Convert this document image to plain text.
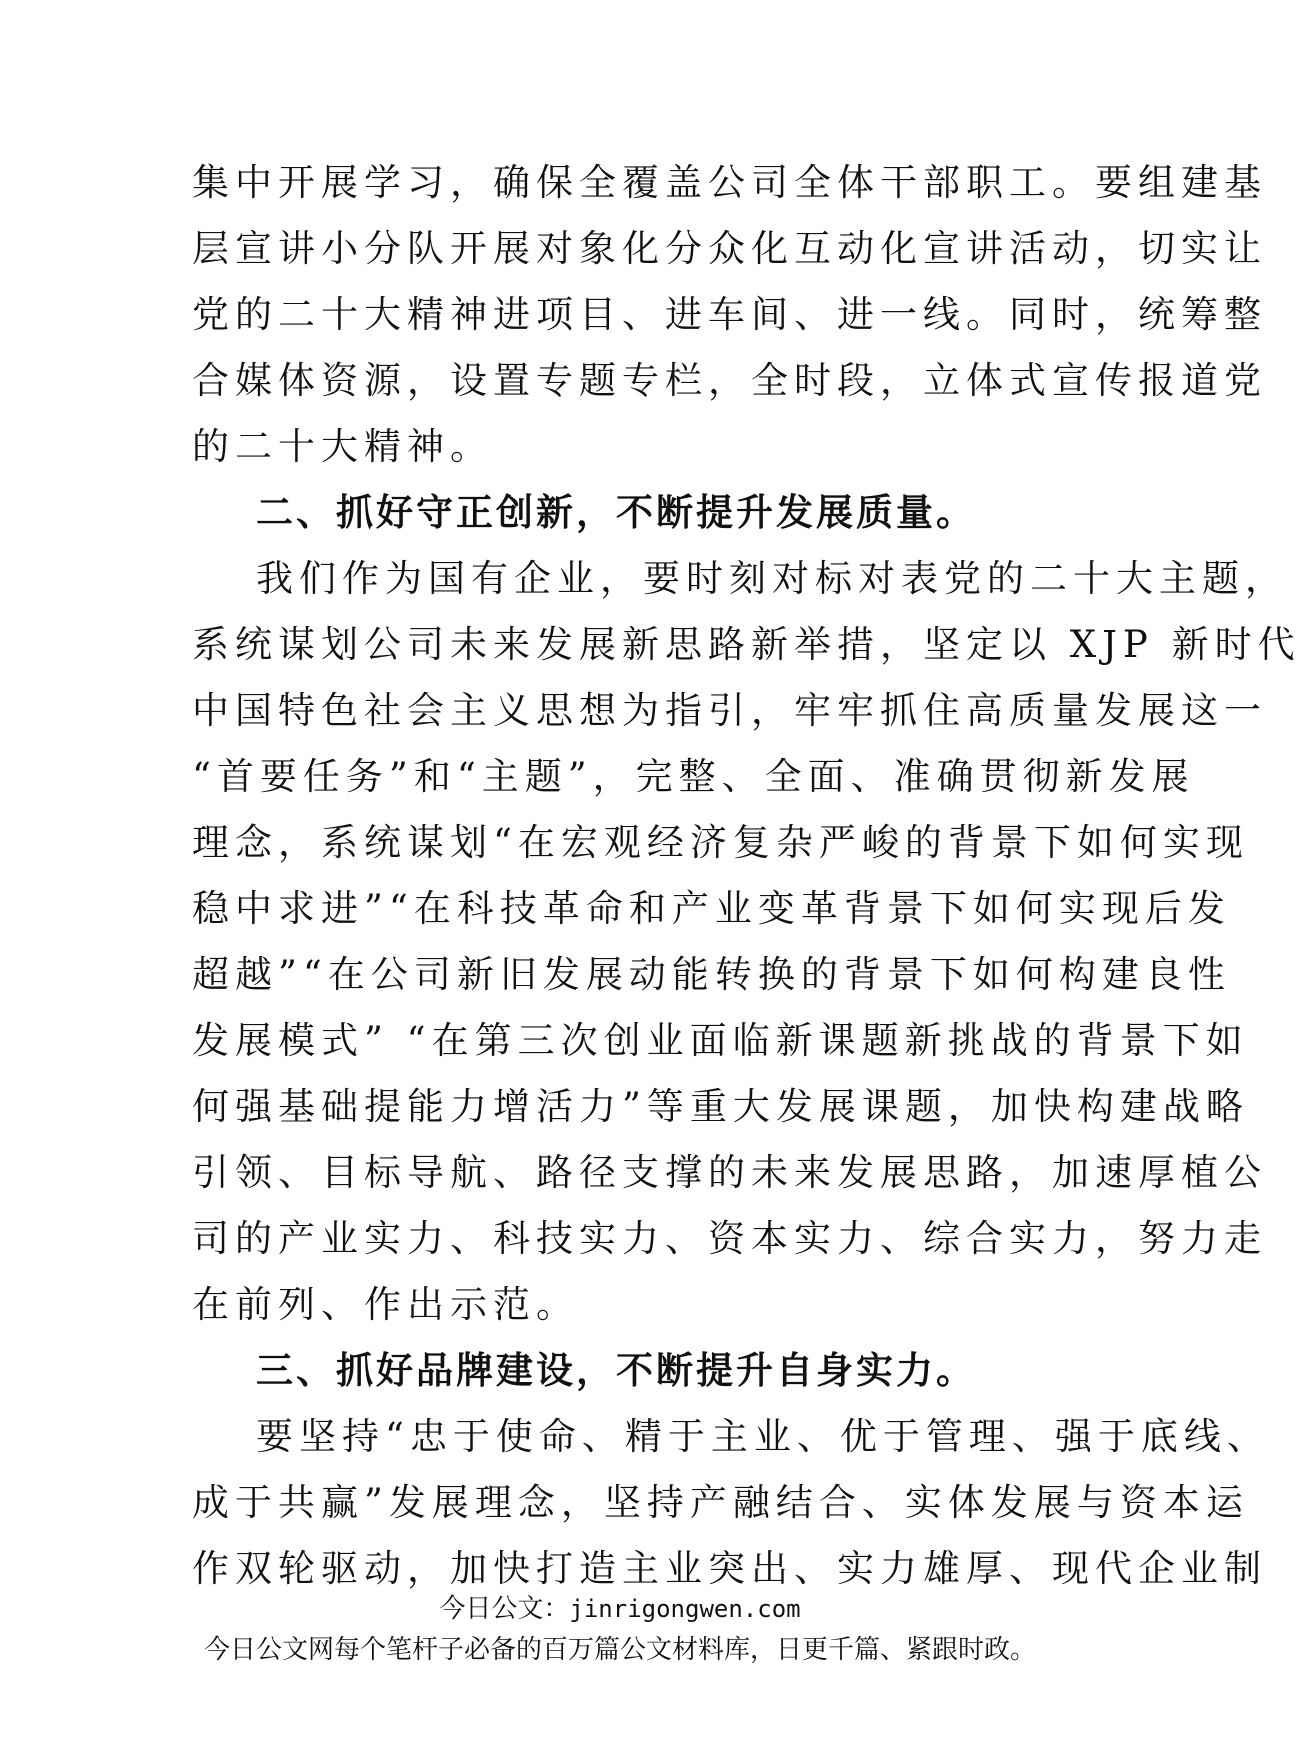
集中开展学习，确保全覆盖公司全体干部职工。要组建基
层宣讲小分队开展对象化分众化互动化宣讲活动，切实让
党的二十大精神进项目、进车间、进一线。同时，统筹整
合媒体资源，设置专题专栏，全时段，立体式宣传报道党
的二十大精神。
二、抓好守正创新，不断提升发展质量。
我们作为国有企业，要时刻对标对表党的二十大主题，
系统谋划公司未来发展新思路新举措，坚定以 XJP 新时代
中国特色社会主义思想为指引，牢牢抓住高质量发展这一
“首要任务”和“主题”，完整、全面、准确贯彻新发展
理念，系统谋划“在宏观经济复杂严峻的背景下如何实现
稳中求进”“在科技革命和产业变革背景下如何实现后发
超越”“在公司新旧发展动能转换的背景下如何构建良性
发展模式” “在第三次创业面临新课题新挑战的背景下如
何强基础提能力增活力”等重大发展课题，加快构建战略
引领、目标导航、路径支撑的未来发展思路，加速厚植公
司的产业实力、科技实力、资本实力、综合实力，努力走
在前列、作出示范。
三、抓好品牌建设，不断提升自身实力。
要坚持“忠于使命、精于主业、优于管理、强于底线、
成于共赢”发展理念，坚持产融结合、实体发展与资本运
作双轮驱动，加快打造主业突出、实力雄厚、现代企业制
今日公文：jinrigongwen.com
今日公文网每个笔杆子必备的百万篇公文材料库，日更千篇、紧跟时政。
